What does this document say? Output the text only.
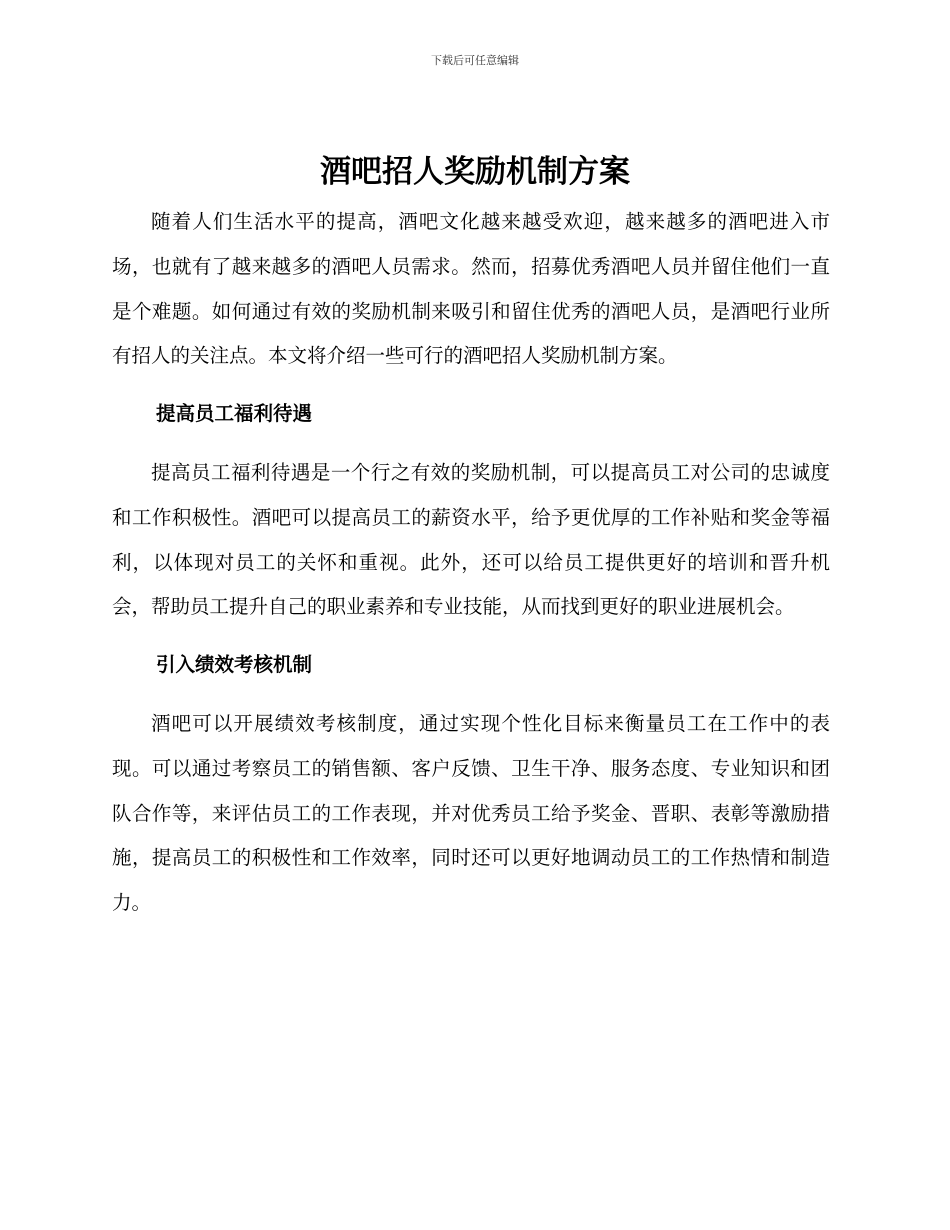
下载后可任意编辑
酒吧招人奖励机制方案

随着人们生活水平的提高，酒吧文化越来越受欢迎，越来越多的酒吧进入市场，也就有了越来越多的酒吧人员需求。然而，招募优秀酒吧人员并留住他们一直是个难题。如何通过有效的奖励机制来吸引和留住优秀的酒吧人员，是酒吧行业所有招人的关注点。本文将介绍一些可行的酒吧招人奖励机制方案。

提高员工福利待遇

提高员工福利待遇是一个行之有效的奖励机制，可以提高员工对公司的忠诚度和工作积极性。酒吧可以提高员工的薪资水平，给予更优厚的工作补贴和奖金等福利，以体现对员工的关怀和重视。此外，还可以给员工提供更好的培训和晋升机会，帮助员工提升自己的职业素养和专业技能，从而找到更好的职业进展机会。

引入绩效考核机制

酒吧可以开展绩效考核制度，通过实现个性化目标来衡量员工在工作中的表现。可以通过考察员工的销售额、客户反馈、卫生干净、服务态度、专业知识和团队合作等，来评估员工的工作表现，并对优秀员工给予奖金、晋职、表彰等激励措施，提高员工的积极性和工作效率，同时还可以更好地调动员工的工作热情和制造力。
